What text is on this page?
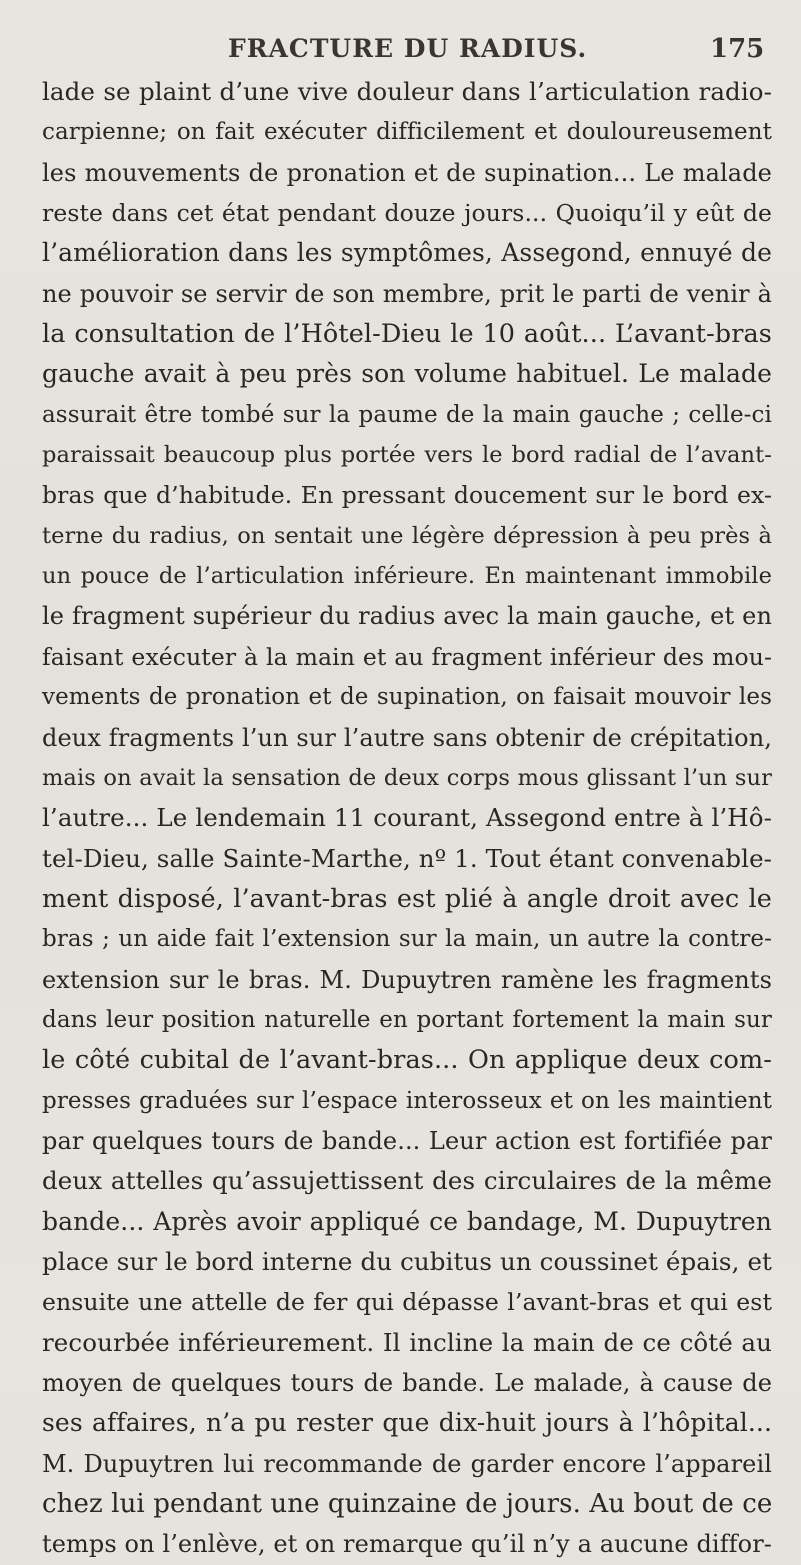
FRACTURE DU RADIUS.	175
lade se plaint d’une vive douleur dans l’articulation radio-
carpienne; on fait exécuter difficilement et douloureusement
les mouvements de pronation et de supination... Le malade
reste dans cet état pendant douze jours... Quoiqu’il y eût de
l’amélioration dans les symptômes, Assegond, ennuyé de
ne pouvoir se servir de son membre, prit le parti de venir à
la consultation de l’Hôtel-Dieu le 10 août... L’avant-bras
gauche avait à peu près son volume habituel. Le malade
assurait être tombé sur la paume de la main gauche ; celle-ci
paraissait beaucoup plus portée vers le bord radial de l’avant-
bras que d’habitude. En pressant doucement sur le bord ex-
terne du radius, on sentait une légère dépression à peu près à
un pouce de l’articulation inférieure. En maintenant immobile
le fragment supérieur du radius avec la main gauche, et en
faisant exécuter à la main et au fragment inférieur des mou-
vements de pronation et de supination, on faisait mouvoir les
deux fragments l’un sur l’autre sans obtenir de crépitation,
mais on avait la sensation de deux corps mous glissant l’un sur
l’autre... Le lendemain 11 courant, Assegond entre à l’Hô-
tel-Dieu, salle Sainte-Marthe, nº 1. Tout étant convenable-
ment disposé, l’avant-bras est plié à angle droit avec le
bras ; un aide fait l’extension sur la main, un autre la contre-
extension sur le bras. M. Dupuytren ramène les fragments
dans leur position naturelle en portant fortement la main sur
le côté cubital de l’avant-bras... On applique deux com-
presses graduées sur l’espace interosseux et on les maintient
par quelques tours de bande... Leur action est fortifiée par
deux attelles qu’assujettissent des circulaires de la même
bande... Après avoir appliqué ce bandage, M. Dupuytren
place sur le bord interne du cubitus un coussinet épais, et
ensuite une attelle de fer qui dépasse l’avant-bras et qui est
recourbée inférieurement. Il incline la main de ce côté au
moyen de quelques tours de bande. Le malade, à cause de
ses affaires, n’a pu rester que dix-huit jours à l’hôpital...
M. Dupuytren lui recommande de garder encore l’appareil
chez lui pendant une quinzaine de jours. Au bout de ce
temps on l’enlève, et on remarque qu’il n’y a aucune diffor-
